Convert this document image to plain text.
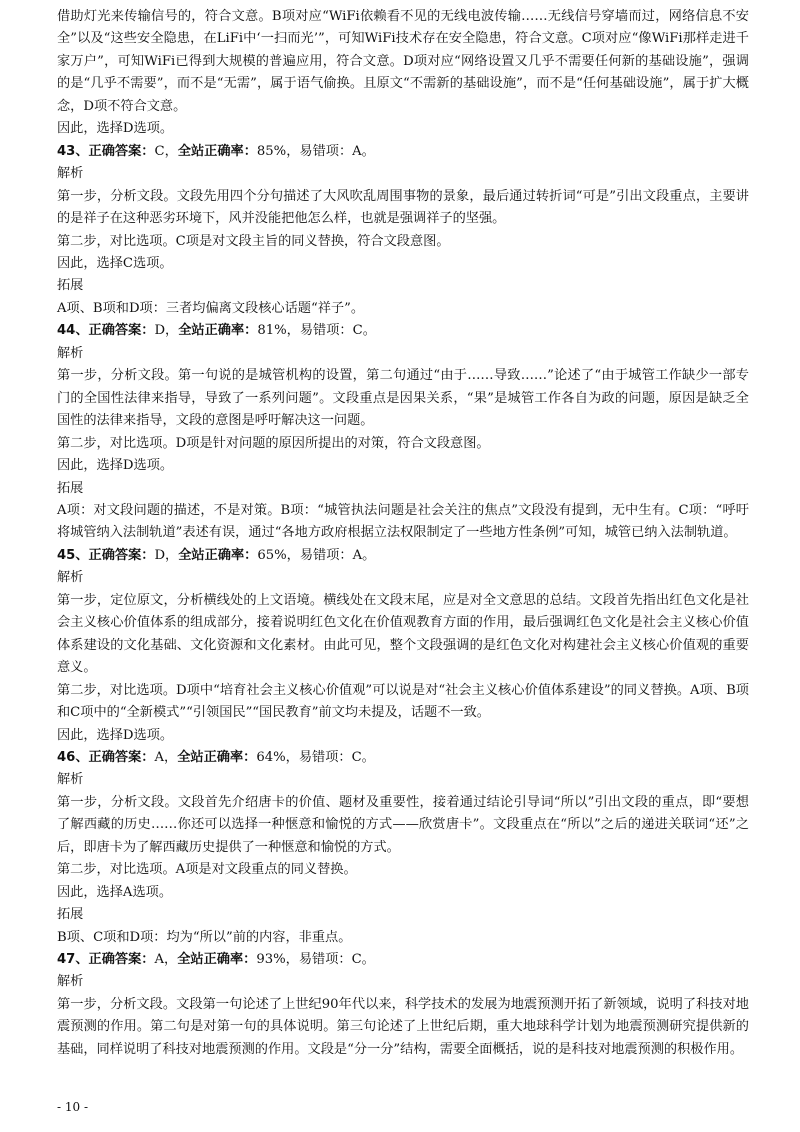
借助灯光来传输信号的，符合文意。B项对应“WiFi依赖看不见的无线电波传输……无线信号穿墙而过，网络信息不安全”以及“这些安全隐患，在LiFi中‘一扫而光’”，可知WiFi技术存在安全隐患，符合文意。C项对应“像WiFi那样走进千家万户”，可知WiFi已得到大规模的普遍应用，符合文意。D项对应“网络设置又几乎不需要任何新的基础设施”，强调的是“几乎不需要”，而不是“无需”，属于语气偷换。且原文“不需新的基础设施”，而不是“任何基础设施”，属于扩大概念，D项不符合文意。

因此，选择D选项。

43、正确答案：C，全站正确率：85%，易错项：A。

解析

第一步，分析文段。文段先用四个分句描述了大风吹乱周围事物的景象，最后通过转折词“可是”引出文段重点，主要讲的是祥子在这种恶劣环境下，风并没能把他怎么样，也就是强调祥子的坚强。

第二步，对比选项。C项是对文段主旨的同义替换，符合文段意图。

因此，选择C选项。

拓展

A项、B项和D项：三者均偏离文段核心话题“祥子”。

44、正确答案：D，全站正确率：81%，易错项：C。

解析

第一步，分析文段。第一句说的是城管机构的设置，第二句通过“由于……导致……”论述了“由于城管工作缺少一部专门的全国性法律来指导，导致了一系列问题”。文段重点是因果关系，“果”是城管工作各自为政的问题，原因是缺乏全国性的法律来指导，文段的意图是呼吁解决这一问题。

第二步，对比选项。D项是针对问题的原因所提出的对策，符合文段意图。

因此，选择D选项。

拓展

A项：对文段问题的描述，不是对策。B项：“城管执法问题是社会关注的焦点”文段没有提到，无中生有。C项：“呼吁将城管纳入法制轨道”表述有误，通过“各地方政府根据立法权限制定了一些地方性条例”可知，城管已纳入法制轨道。

45、正确答案：D，全站正确率：65%，易错项：A。

解析

第一步，定位原文，分析横线处的上文语境。横线处在文段末尾，应是对全文意思的总结。文段首先指出红色文化是社会主义核心价值体系的组成部分，接着说明红色文化在价值观教育方面的作用，最后强调红色文化是社会主义核心价值体系建设的文化基础、文化资源和文化素材。由此可见，整个文段强调的是红色文化对构建社会主义核心价值观的重要意义。

第二步，对比选项。D项中“培育社会主义核心价值观”可以说是对“社会主义核心价值体系建设”的同义替换。A项、B项和C项中的“全新模式”“引领国民”“国民教育”前文均未提及，话题不一致。

因此，选择D选项。

46、正确答案：A，全站正确率：64%，易错项：C。

解析

第一步，分析文段。文段首先介绍唐卡的价值、题材及重要性，接着通过结论引导词“所以”引出文段的重点，即“要想了解西藏的历史……你还可以选择一种惬意和愉悦的方式——欣赏唐卡”。文段重点在“所以”之后的递进关联词“还”之后，即唐卡为了解西藏历史提供了一种惬意和愉悦的方式。

第二步，对比选项。A项是对文段重点的同义替换。

因此，选择A选项。

拓展

B项、C项和D项：均为“所以”前的内容，非重点。

47、正确答案：A，全站正确率：93%，易错项：C。

解析

第一步，分析文段。文段第一句论述了上世纪90年代以来，科学技术的发展为地震预测开拓了新领域，说明了科技对地震预测的作用。第二句是对第一句的具体说明。第三句论述了上世纪后期，重大地球科学计划为地震预测研究提供新的基础，同样说明了科技对地震预测的作用。文段是“分一分”结构，需要全面概括，说的是科技对地震预测的积极作用。

- 10 -
